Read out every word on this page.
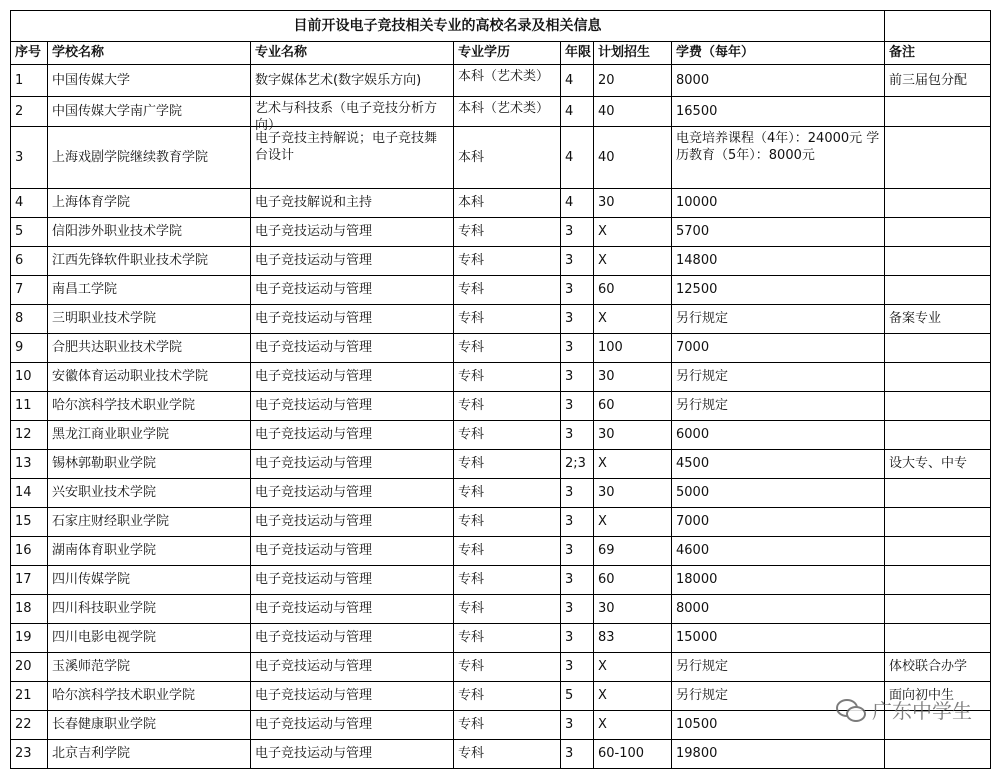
目前开设电子竞技相关专业的高校名录及相关信息							
序号	学校名称	专业名称	专业学历	年限	计划招生	学费（每年）	备注
1	中国传媒大学	数字媒体艺术(数字娱乐方向)	本科（艺术类）	4	20	8000	前三届包分配
2	中国传媒大学南广学院	艺术与科技系（电子竞技分析方向）	本科（艺术类）	4	40	16500	
3	上海戏剧学院继续教育学院	电子竞技主持解说；电子竞技舞台设计	本科	4	40	电竞培养课程（4年）：24000元 学历教育（5年）：8000元	

4	上海体育学院	电子竞技解说和主持	本科	4	30	10000	
5	信阳涉外职业技术学院	电子竞技运动与管理	专科	3	X	5700	
6	江西先锋软件职业技术学院	电子竞技运动与管理	专科	3	X	14800	
7	南昌工学院	电子竞技运动与管理	专科	3	60	12500	
8	三明职业技术学院	电子竞技运动与管理	专科	3	X	另行规定	备案专业
9	合肥共达职业技术学院	电子竞技运动与管理	专科	3	100	7000	
10	安徽体育运动职业技术学院	电子竞技运动与管理	专科	3	30	另行规定	
11	哈尔滨科学技术职业学院	电子竞技运动与管理	专科	3	60	另行规定	
12	黑龙江商业职业学院	电子竞技运动与管理	专科	3	30	6000	
13	锡林郭勒职业学院	电子竞技运动与管理	专科	2;3	X	4500	设大专、中专
14	兴安职业技术学院	电子竞技运动与管理	专科	3	30	5000	
15	石家庄财经职业学院	电子竞技运动与管理	专科	3	X	7000	
16	湖南体育职业学院	电子竞技运动与管理	专科	3	69	4600	
17	四川传媒学院	电子竞技运动与管理	专科	3	60	18000	
18	四川科技职业学院	电子竞技运动与管理	专科	3	30	8000	
19	四川电影电视学院	电子竞技运动与管理	专科	3	83	15000	
20	玉溪师范学院	电子竞技运动与管理	专科	3	X	另行规定	体校联合办学
21	哈尔滨科学技术职业学院	电子竞技运动与管理	专科	5	X	另行规定	面向初中生
22	长春健康职业学院	电子竞技运动与管理	专科	3	X	10500	
23	北京吉利学院	电子竞技运动与管理	专科	3	60-100	19800	
广东中学生
